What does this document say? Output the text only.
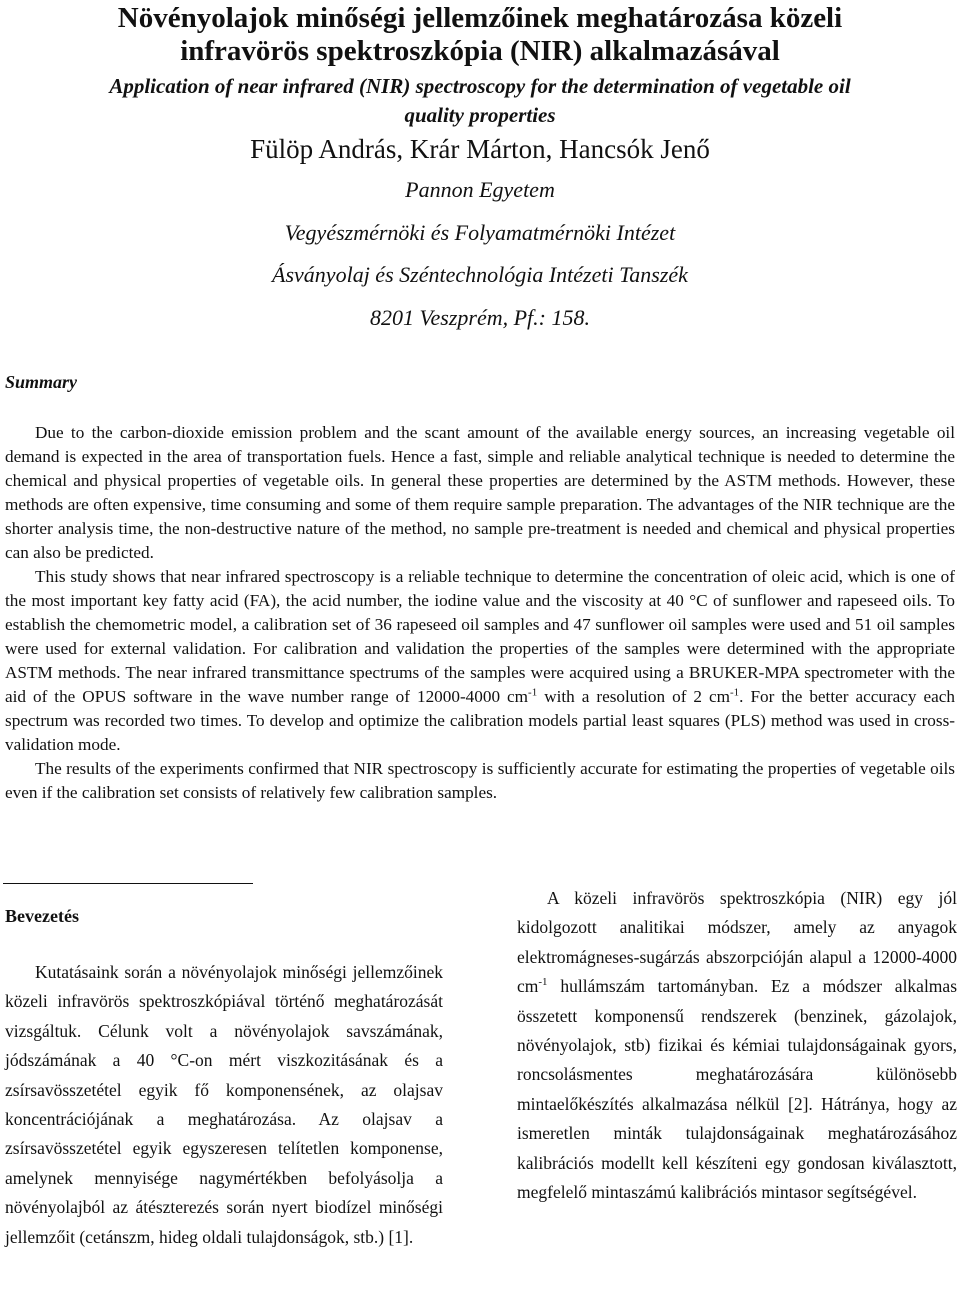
Növényolajok minőségi jellemzőinek meghatározása közeli
infravörös spektroszkópia (NIR) alkalmazásával
Application of near infrared (NIR) spectroscopy for the determination of vegetable oil
quality properties
Fülöp András, Krár Márton, Hancsók Jenő
Pannon Egyetem
Vegyészmérnöki és Folyamatmérnöki Intézet
Ásványolaj és Széntechnológia Intézeti Tanszék
8201 Veszprém, Pf.: 158.
Summary

Due to the carbon-dioxide emission problem and the scant amount of the available energy sources, an increasing vegetable oil demand is expected in the area of transportation fuels. Hence a fast, simple and reliable analytical technique is needed to determine the chemical and physical properties of vegetable oils. In general these properties are determined by the ASTM methods. However, these methods are often expensive, time consuming and some of them require sample preparation. The advantages of the NIR technique are the shorter analysis time, the non-destructive nature of the method, no sample pre-treatment is needed and chemical and physical properties can also be predicted.

This study shows that near infrared spectroscopy is a reliable technique to determine the concentration of oleic acid, which is one of the most important key fatty acid (FA), the acid number, the iodine value and the viscosity at 40 °C of sunflower and rapeseed oils. To establish the chemometric model, a calibration set of 36 rapeseed oil samples and 47 sunflower oil samples were used and 51 oil samples were used for external validation. For calibration and validation the properties of the samples were determined with the appropriate ASTM methods. The near infrared transmittance spectrums of the samples were acquired using a BRUKER-MPA spectrometer with the aid of the OPUS software in the wave number range of 12000-4000 $cm^{-1}$ with a resolution of 2 $cm^{-1}$. For the better accuracy each spectrum was recorded two times. To develop and optimize the calibration models partial least squares (PLS) method was used in cross-validation mode.

The results of the experiments confirmed that NIR spectroscopy is sufficiently accurate for estimating the properties of vegetable oils even if the calibration set consists of relatively few calibration samples.

Bevezetés

Kutatásaink során a növényolajok minőségi jellemzőinek közeli infravörös spektroszkópiával történő meghatározását vizsgáltuk. Célunk volt a növényolajok savszámának, jódszámának a 40 °C-on mért viszkozitásának és a zsírsavösszetétel egyik fő komponensének, az olajsav koncentrációjának a meghatározása. Az olajsav a zsírsavösszetétel egyik egyszeresen telítetlen komponense, amelynek mennyisége nagymértékben befolyásolja a növényolajból az átészterezés során nyert biodízel minőségi jellemzőit (cetánszm, hideg oldali tulajdonságok, stb.) [1].

A közeli infravörös spektroszkópia (NIR) egy jól kidolgozott analitikai módszer, amely az anyagok elektromágneses-sugárzás abszorpcióján alapul a 12000-4000 $cm^{-1}$ hullámszám tartományban. Ez a módszer alkalmas összetett komponensű rendszerek (benzinek, gázolajok, növényolajok, stb) fizikai és kémiai tulajdonságainak gyors, roncsolásmentes meghatározására különösebb mintaelőkészítés alkalmazása nélkül [2]. Hátránya, hogy az ismeretlen minták tulajdonságainak meghatározásához kalibrációs modellt kell készíteni egy gondosan kiválasztott, megfelelő mintaszámú kalibrációs mintasor segítségével.
